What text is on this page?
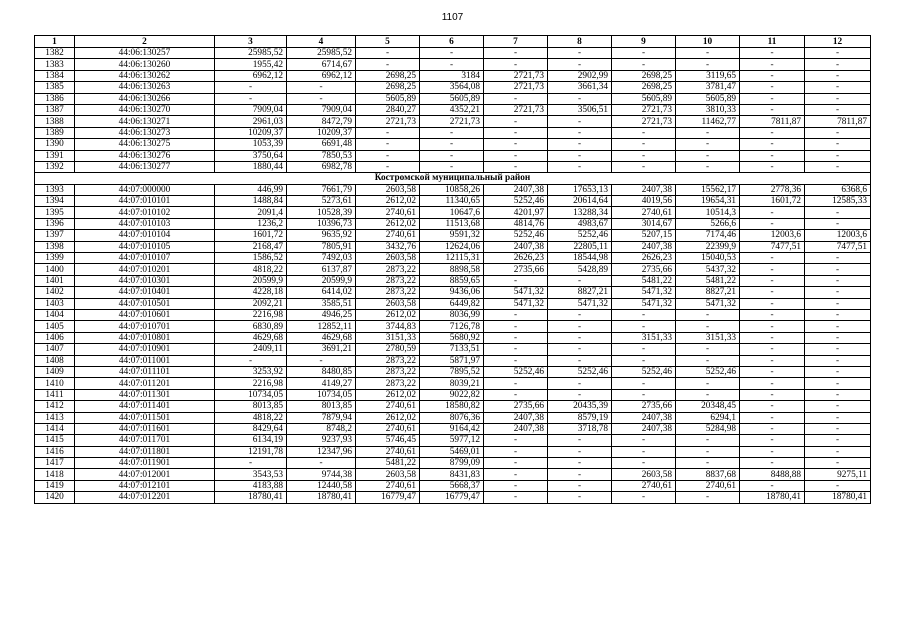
1107
1	2	3	4	5	6	7	8	9	10	11	12
1382	44:06:130257	25985,52	25985,52	-	-	-	-	-	-	-	-
1383	44:06:130260	1955,42	6714,67	-	-	-	-	-	-	-	-
1384	44:06:130262	6962,12	6962,12	2698,25	3184	2721,73	2902,99	2698,25	3119,65	-	-
1385	44:06:130263	-	-	2698,25	3564,08	2721,73	3661,34	2698,25	3781,47	-	-
1386	44:06:130266	-	-	5605,89	5605,89	-	-	5605,89	5605,89	-	-
1387	44:06:130270	7909,04	7909,04	2840,27	4352,21	2721,73	3506,51	2721,73	3810,33	-	-
1388	44:06:130271	2961,03	8472,79	2721,73	2721,73	-	-	2721,73	11462,77	7811,87	7811,87
1389	44:06:130273	10209,37	10209,37	-	-	-	-	-	-	-	-
1390	44:06:130275	1053,39	6691,48	-	-	-	-	-	-	-	-
1391	44:06:130276	3750,64	7850,53	-	-	-	-	-	-	-	-
1392	44:06:130277	1880,44	6982,78	-	-	-	-	-	-	-	-
Костромской муниципальный район											
1393	44:07:000000	446,99	7661,79	2603,58	10858,26	2407,38	17653,13	2407,38	15562,17	2778,36	6368,6
1394	44:07:010101	1488,84	5273,61	2612,02	11340,65	5252,46	20614,64	4019,56	19654,31	1601,72	12585,33
1395	44:07:010102	2091,4	10528,39	2740,61	10647,6	4201,97	13288,34	2740,61	10514,3	-	-
1396	44:07:010103	1236,2	10396,73	2612,02	11513,68	4814,76	4983,67	3014,67	5266,6	-	-
1397	44:07:010104	1601,72	9635,92	2740,61	9591,32	5252,46	5252,46	5207,15	7174,46	12003,6	12003,6
1398	44:07:010105	2168,47	7805,91	3432,76	12624,06	2407,38	22805,11	2407,38	22399,9	7477,51	7477,51
1399	44:07:010107	1586,52	7492,03	2603,58	12115,31	2626,23	18544,98	2626,23	15040,53	-	-
1400	44:07:010201	4818,22	6137,87	2873,22	8898,58	2735,66	5428,89	2735,66	5437,32	-	-
1401	44:07:010301	20599,9	20599,9	2873,22	8859,65	-	-	5481,22	5481,22	-	-
1402	44:07:010401	4228,18	6414,02	2873,22	9436,06	5471,32	8827,21	5471,32	8827,21	-	-
1403	44:07:010501	2092,21	3585,51	2603,58	6449,82	5471,32	5471,32	5471,32	5471,32	-	-
1404	44:07:010601	2216,98	4946,25	2612,02	8036,99	-	-	-	-	-	-
1405	44:07:010701	6830,89	12852,11	3744,83	7126,78	-	-	-	-	-	-
1406	44:07:010801	4629,68	4629,68	3151,33	5680,92	-	-	3151,33	3151,33	-	-
1407	44:07:010901	2409,11	3691,21	2780,59	7133,51	-	-	-	-	-	-
1408	44:07:011001	-	-	2873,22	5871,97	-	-	-	-	-	-
1409	44:07:011101	3253,92	8480,85	2873,22	7895,52	5252,46	5252,46	5252,46	5252,46	-	-
1410	44:07:011201	2216,98	4149,27	2873,22	8039,21	-	-	-	-	-	-
1411	44:07:011301	10734,05	10734,05	2612,02	9022,82	-	-	-	-	-	-
1412	44:07:011401	8013,85	8013,85	2740,61	18580,82	2735,66	20435,39	2735,66	20348,45	-	-
1413	44:07:011501	4818,22	7879,94	2612,02	8076,36	2407,38	8579,19	2407,38	6294,1	-	-
1414	44:07:011601	8429,64	8748,2	2740,61	9164,42	2407,38	3718,78	2407,38	5284,98	-	-
1415	44:07:011701	6134,19	9237,93	5746,45	5977,12	-	-	-	-	-	-
1416	44:07:011801	12191,78	12347,96	2740,61	5469,01	-	-	-	-	-	-
1417	44:07:011901	-	-	5481,22	8799,09	-	-	-	-	-	-
1418	44:07:012001	3543,53	9744,38	2603,58	8431,83	-	-	2603,58	8837,68	8488,88	9275,11
1419	44:07:012101	4183,88	12440,58	2740,61	5668,37	-	-	2740,61	2740,61	-	-
1420	44:07:012201	18780,41	18780,41	16779,47	16779,47	-	-	-	-	18780,41	18780,41
